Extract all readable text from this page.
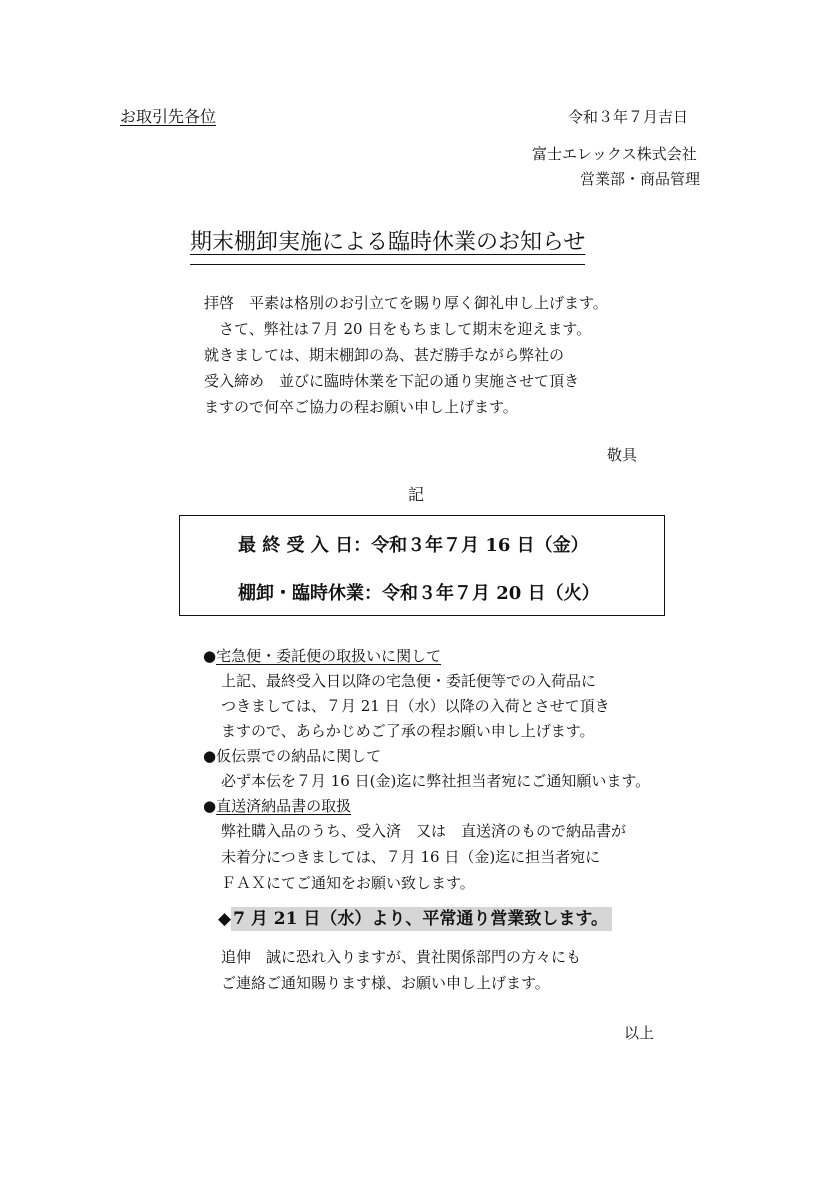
お取引先各位	令和３年７月吉日
富士エレックス株式会社
営業部・商品管理
期末棚卸実施による臨時休業のお知らせ
拝啓　平素は格別のお引立てを賜り厚く御礼申し上げます。
　さて、弊社は７月 20 日をもちまして期末を迎えます。
就きましては、期末棚卸の為、甚だ勝手ながら弊社の
受入締め　並びに臨時休業を下記の通り実施させて頂き
ますので何卒ご協力の程お願い申し上げます。
敬具
記
最 終 受 入 日：令和３年７月 16 日（金）
棚卸・臨時休業：令和３年７月 20 日（火）
●宅急便・委託便の取扱いに関して
上記、最終受入日以降の宅急便・委託便等での入荷品に
つきましては、７月 21 日（水）以降の入荷とさせて頂き
ますので、あらかじめご了承の程お願い申し上げます。
●仮伝票での納品に関して
必ず本伝を７月 16 日(金)迄に弊社担当者宛にご通知願います。
●直送済納品書の取扱
弊社購入品のうち、受入済　又は　直送済のもので納品書が
未着分につきましては、７月 16 日（金)迄に担当者宛に
ＦＡＸにてご通知をお願い致します。
◆ 7 月 21 日（水）より、平常通り営業致します。
追伸　誠に恐れ入りますが、貴社関係部門の方々にも
ご連絡ご通知賜ります様、お願い申し上げます。
以上
